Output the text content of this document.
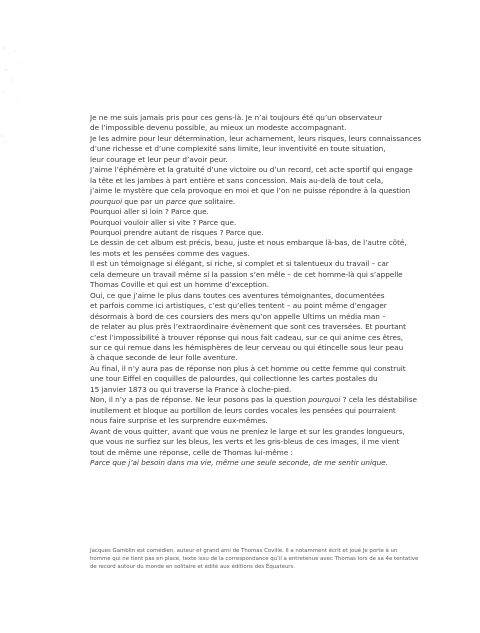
Je ne me suis jamais pris pour ces gens-là. Je n’ai toujours été qu’un observateur
de l’impossible devenu possible, au mieux un modeste accompagnant.
Je les admire pour leur détermination, leur acharnement, leurs risques, leurs connaissances
d’une richesse et d’une complexité sans limite, leur inventivité en toute situation,
leur courage et leur peur d’avoir peur.
J’aime l’éphémère et la gratuité d’une victoire ou d’un record, cet acte sportif qui engage
la tête et les jambes à part entière et sans concession. Mais au-delà de tout cela,
j’aime le mystère que cela provoque en moi et que l’on ne puisse répondre à la question
pourquoi que par un parce que solitaire.
Pourquoi aller si loin ? Parce que.
Pourquoi vouloir aller si vite ? Parce que.
Pourquoi prendre autant de risques ? Parce que.
Le dessin de cet album est précis, beau, juste et nous embarque là-bas, de l’autre côté,
les mots et les pensées comme des vagues.
Il est un témoignage si élégant, si riche, si complet et si talentueux du travail – car
cela demeure un travail même si la passion s’en mêle – de cet homme-là qui s’appelle
Thomas Coville et qui est un homme d’exception.
Oui, ce que j’aime le plus dans toutes ces aventures témoignantes, documentées
et parfois comme ici artistiques, c’est qu’elles tentent – au point même d’engager
désormais à bord de ces coursiers des mers qu’on appelle Ultims un média man –
de relater au plus près l’extraordinaire évènement que sont ces traversées. Et pourtant
c’est l’impossibilité à trouver réponse qui nous fait cadeau, sur ce qui anime ces êtres,
sur ce qui remue dans les hémisphères de leur cerveau ou qui étincelle sous leur peau
à chaque seconde de leur folle aventure.
Au final, il n’y aura pas de réponse non plus à cet homme ou cette femme qui construit
une tour Eiffel en coquilles de palourdes, qui collectionne les cartes postales du
15 janvier 1873 ou qui traverse la France à cloche-pied.
Non, il n’y a pas de réponse. Ne leur posons pas la question pourquoi ? cela les déstabilise
inutilement et bloque au portillon de leurs cordes vocales les pensées qui pourraient
nous faire surprise et les surprendre eux-mêmes.
Avant de vous quitter, avant que vous ne preniez le large et sur les grandes longueurs,
que vous ne surfiez sur les bleus, les verts et les gris-bleus de ces images, il me vient
tout de même une réponse, celle de Thomas lui-même :
Parce que j’ai besoin dans ma vie, même une seule seconde, de me sentir unique.
Jacques Gamblin est comédien, auteur et grand ami de Thomas Coville. Il a notamment écrit et joué Je porte à un
homme qui ne tient pas en place, texte issu de la correspondance qu’il a entretenue avec Thomas lors de sa 4e tentative
de record autour du monde en solitaire et édité aux éditions des Équateurs.
